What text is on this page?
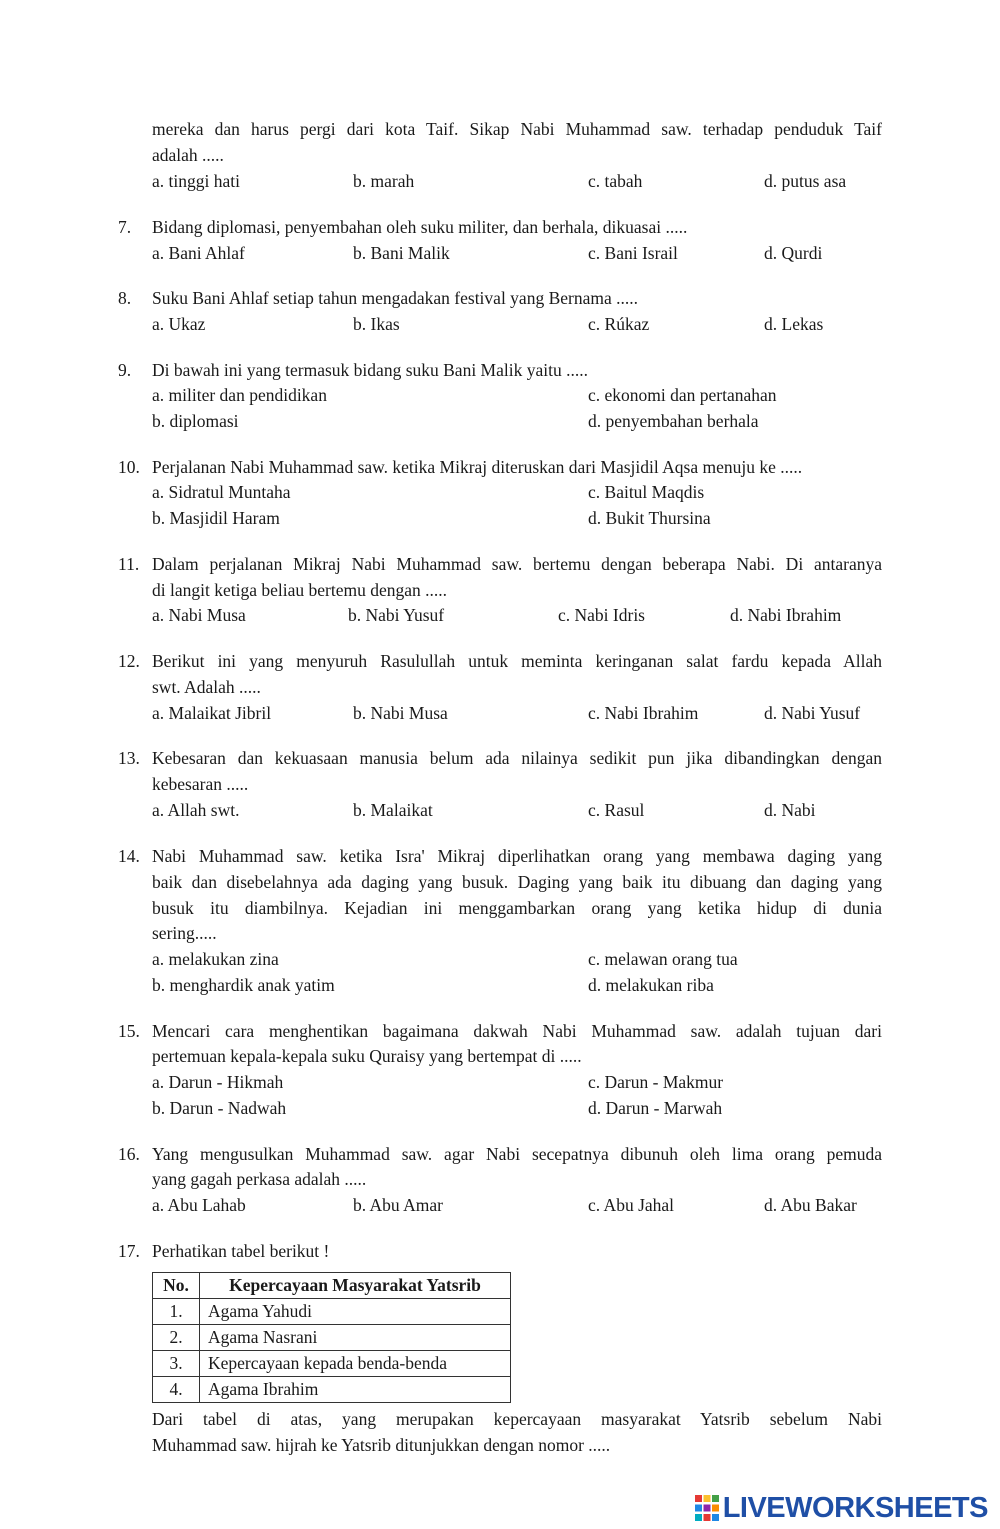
mereka dan harus pergi dari kota Taif. Sikap Nabi Muhammad saw. terhadap penduduk Taif
adalah .....
a. tinggi hati	b. marah	c. tabah	d. putus asa
7. Bidang diplomasi, penyembahan oleh suku militer, dan berhala, dikuasai .....
a. Bani Ahlaf	b. Bani Malik	c. Bani Israil	d. Qurdi
8. Suku Bani Ahlaf setiap tahun mengadakan festival yang Bernama .....
a. Ukaz	b. Ikas	c. Rúkaz	d. Lekas
9. Di bawah ini yang termasuk bidang suku Bani Malik yaitu .....
a. militer dan pendidikan	c. ekonomi dan pertanahan
b. diplomasi	d. penyembahan berhala
10. Perjalanan Nabi Muhammad saw. ketika Mikraj diteruskan dari Masjidil Aqsa menuju ke .....
a. Sidratul Muntaha	c. Baitul Maqdis
b. Masjidil Haram	d. Bukit Thursina
11. Dalam perjalanan Mikraj Nabi Muhammad saw. bertemu dengan beberapa Nabi. Di antaranya
di langit ketiga beliau bertemu dengan .....
a. Nabi Musa	b. Nabi Yusuf	c. Nabi Idris	d. Nabi Ibrahim
12. Berikut ini yang menyuruh Rasulullah untuk meminta keringanan salat fardu kepada Allah
swt. Adalah .....
a. Malaikat Jibril	b. Nabi Musa	c. Nabi Ibrahim	d. Nabi Yusuf
13. Kebesaran dan kekuasaan manusia belum ada nilainya sedikit pun jika dibandingkan dengan
kebesaran .....
a. Allah swt.	b. Malaikat	c. Rasul	d. Nabi
14. Nabi Muhammad saw. ketika Isra' Mikraj diperlihatkan orang yang membawa daging yang
baik dan disebelahnya ada daging yang busuk. Daging yang baik itu dibuang dan daging yang
busuk itu diambilnya. Kejadian ini menggambarkan orang yang ketika hidup di dunia
sering.....
a. melakukan zina	c. melawan orang tua
b. menghardik anak yatim	d. melakukan riba
15. Mencari cara menghentikan bagaimana dakwah Nabi Muhammad saw. adalah tujuan dari
pertemuan kepala-kepala suku Quraisy yang bertempat di .....
a. Darun - Hikmah	c. Darun - Makmur
b. Darun - Nadwah	d. Darun - Marwah
16. Yang mengusulkan Muhammad saw. agar Nabi secepatnya dibunuh oleh lima orang pemuda
yang gagah perkasa adalah .....
a. Abu Lahab	b. Abu Amar	c. Abu Jahal	d. Abu Bakar
17. Perhatikan tabel berikut !
No.	Kepercayaan Masyarakat Yatsrib
1.	Agama Yahudi
2.	Agama Nasrani
3.	Kepercayaan kepada benda-benda
4.	Agama Ibrahim
Dari tabel di atas, yang merupakan kepercayaan masyarakat Yatsrib sebelum Nabi
Muhammad saw. hijrah ke Yatsrib ditunjukkan dengan nomor .....
LIVEWORKSHEETS
